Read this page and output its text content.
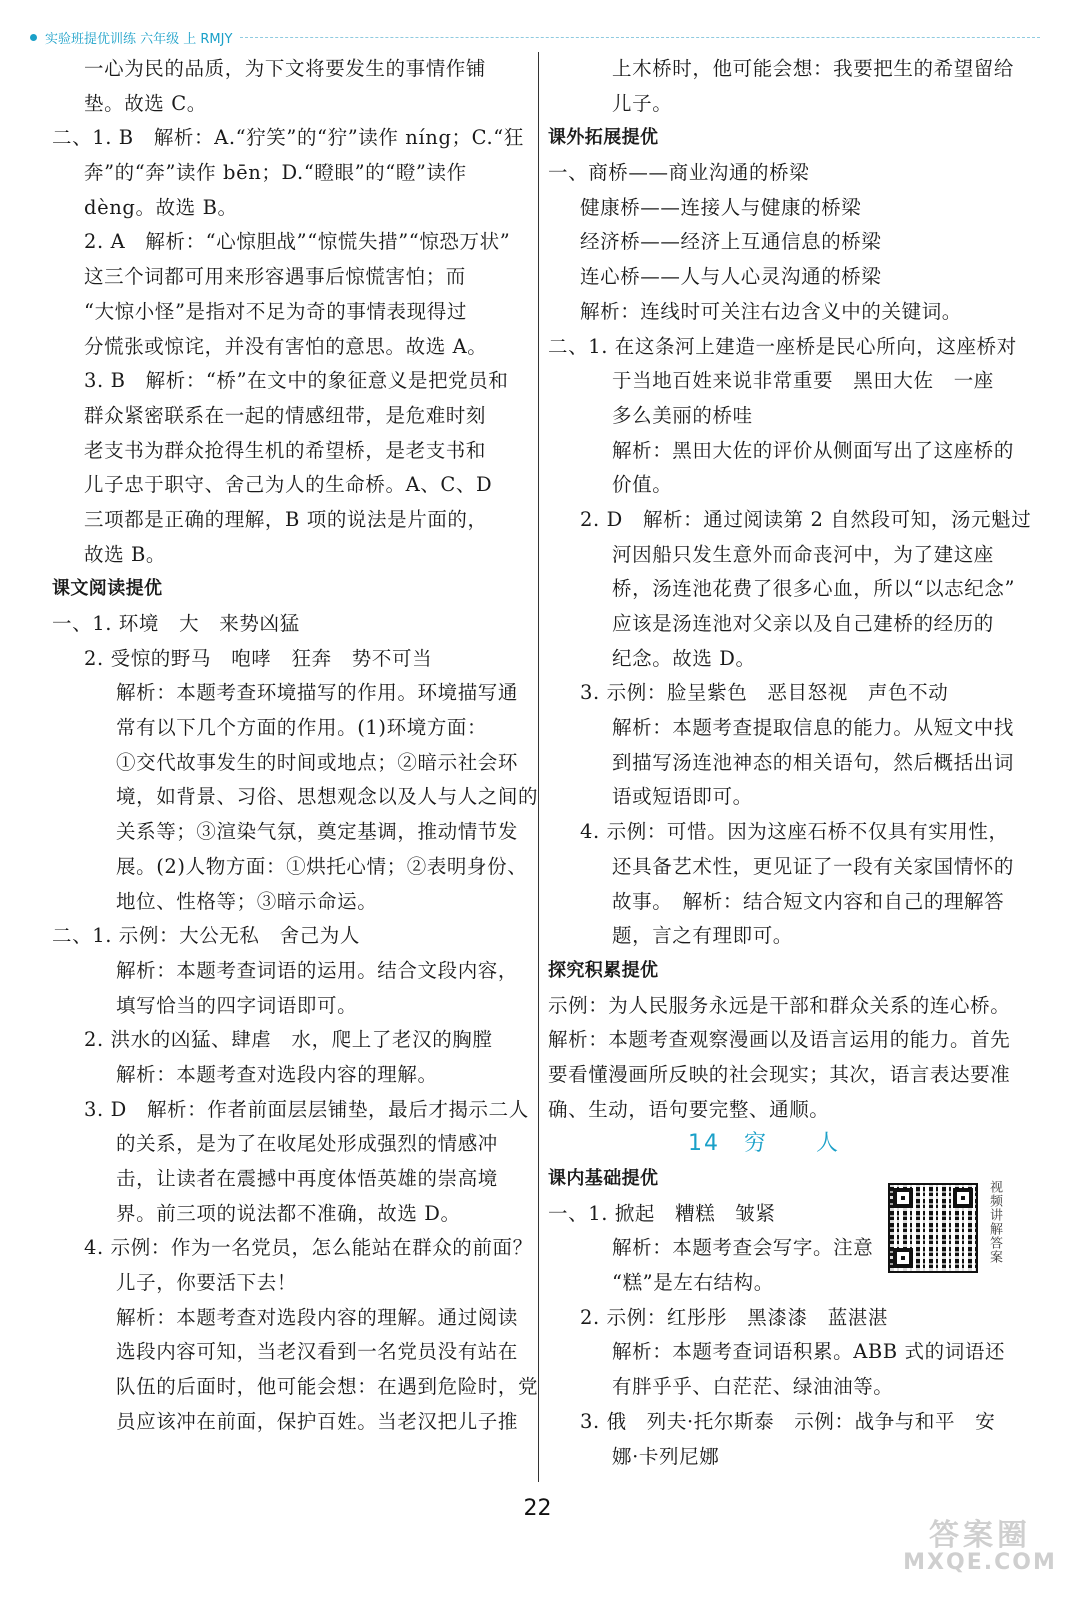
实验班提优训练 六年级 上 RMJY
一心为民的品质，为下文将要发生的事情作铺
垫。故选 C。
二、1. B　解析：A.“狞笑”的“狞”读作 níng；C.“狂
奔”的“奔”读作 bēn；D.“瞪眼”的“瞪”读作
dèng。故选 B。
2. A　解析：“心惊胆战”“惊慌失措”“惊恐万状”
这三个词都可用来形容遇事后惊慌害怕；而
“大惊小怪”是指对不足为奇的事情表现得过
分慌张或惊诧，并没有害怕的意思。故选 A。
3. B　解析：“桥”在文中的象征意义是把党员和
群众紧密联系在一起的情感纽带，是危难时刻
老支书为群众抢得生机的希望桥，是老支书和
儿子忠于职守、舍己为人的生命桥。A、C、D
三项都是正确的理解，B 项的说法是片面的，
故选 B。
课文阅读提优
一、1. 环境　大　来势凶猛
2. 受惊的野马　咆哮　狂奔　势不可当
解析：本题考查环境描写的作用。环境描写通
常有以下几个方面的作用。(1)环境方面：
①交代故事发生的时间或地点；②暗示社会环
境，如背景、习俗、思想观念以及人与人之间的
关系等；③渲染气氛，奠定基调，推动情节发
展。(2)人物方面：①烘托心情；②表明身份、
地位、性格等；③暗示命运。
二、1. 示例：大公无私　舍己为人
解析：本题考查词语的运用。结合文段内容，
填写恰当的四字词语即可。
2. 洪水的凶猛、肆虐　水，爬上了老汉的胸膛
解析：本题考查对选段内容的理解。
3. D　解析：作者前面层层铺垫，最后才揭示二人
的关系，是为了在收尾处形成强烈的情感冲
击，让读者在震撼中再度体悟英雄的崇高境
界。前三项的说法都不准确，故选 D。
4. 示例：作为一名党员，怎么能站在群众的前面？
儿子，你要活下去！
解析：本题考查对选段内容的理解。通过阅读
选段内容可知，当老汉看到一名党员没有站在
队伍的后面时，他可能会想：在遇到危险时，党
员应该冲在前面，保护百姓。当老汉把儿子推
上木桥时，他可能会想：我要把生的希望留给
儿子。
课外拓展提优
一、商桥——商业沟通的桥梁
健康桥——连接人与健康的桥梁
经济桥——经济上互通信息的桥梁
连心桥——人与人心灵沟通的桥梁
解析：连线时可关注右边含义中的关键词。
二、1. 在这条河上建造一座桥是民心所向，这座桥对
于当地百姓来说非常重要　黑田大佐　一座
多么美丽的桥哇
解析：黑田大佐的评价从侧面写出了这座桥的
价值。
2. D　解析：通过阅读第 2 自然段可知，汤元魁过
河因船只发生意外而命丧河中，为了建这座
桥，汤连池花费了很多心血，所以“以志纪念”
应该是汤连池对父亲以及自己建桥的经历的
纪念。故选 D。
3. 示例：脸呈紫色　恶目怒视　声色不动
解析：本题考查提取信息的能力。从短文中找
到描写汤连池神态的相关语句，然后概括出词
语或短语即可。
4. 示例：可惜。因为这座石桥不仅具有实用性，
还具备艺术性，更见证了一段有关家国情怀的
故事。　解析：结合短文内容和自己的理解答
题，言之有理即可。
探究积累提优
示例：为人民服务永远是干部和群众关系的连心桥。
解析：本题考查观察漫画以及语言运用的能力。首先
要看懂漫画所反映的社会现实；其次，语言表达要准
确、生动，语句要完整、通顺。
14　穷　　人
课内基础提优
一、1. 掀起　糟糕　皱紧
解析：本题考查会写字。注意
“糕”是左右结构。
2. 示例：红彤彤　黑漆漆　蓝湛湛
解析：本题考查词语积累。ABB 式的词语还
有胖乎乎、白茫茫、绿油油等。
3. 俄　列夫·托尔斯泰　示例：战争与和平　安
娜·卡列尼娜
视频讲解答案
22
答案圈
MXQE.COM
